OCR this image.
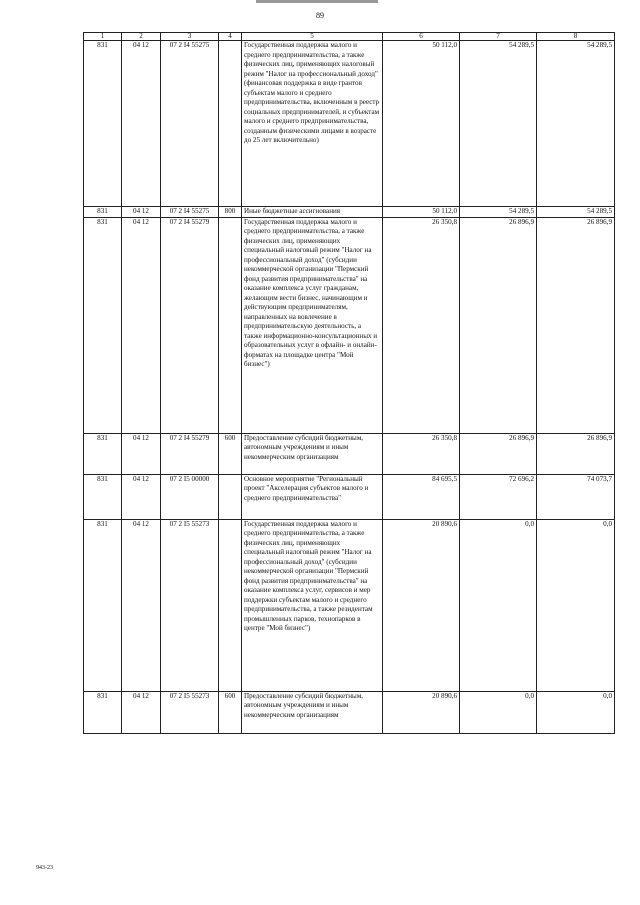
89
1	2	3	4	5	6	7	8
831	04 12	07 2 I4 55275		Государственная поддержка малого и среднего предпринимательства, а также физических лиц, применяющих налоговый режим "Налог на профессиональный доход" (финансовая поддержка в виде грантов субъектам малого и среднего предпринимательства, включенным в реестр социальных предпринимателей, и субъектам малого и среднего предпринимательства, созданным физическими лицами в возрасте до 25 лет включительно)	50 112,0	54 289,5	54 289,5
831	04 12	07 2 I4 55275	800	Иные бюджетные ассигнования	50 112,0	54 289,5	54 289,5
831	04 12	07 2 I4 55279		Государственная поддержка малого и среднего предпринимательства, а также физических лиц, применяющих специальный налоговый режим "Налог на профессиональный доход" (субсидии некоммерческой организации "Пермский фонд развития предпринимательства" на оказание комплекса услуг гражданам, желающим вести бизнес, начинающим и действующим предпринимателям, направленных на вовлечение в предпринимательскую деятельность, а также информационно-консультационных и образовательных услуг в офлайн- и онлайн-форматах на площадке центра "Мой бизнес")	26 350,8	26 896,9	26 896,9
831	04 12	07 2 I4 55279	600	Предоставление субсидий бюджетным, автономным учреждениям и иным некоммерческим организациям	26 350,8	26 896,9	26 896,9
831	04 12	07 2 I5 00000		Основное мероприятие "Региональный проект "Акселерация субъектов малого и среднего предпринимательства"	84 695,5	72 696,2	74 073,7
831	04 12	07 2 I5 55273		Государственная поддержка малого и среднего предпринимательства, а также физических лиц, применяющих специальный налоговый режим "Налог на профессиональный доход" (субсидии некоммерческой организации "Пермский фонд развития предпринимательства" на оказание комплекса услуг, сервисов и мер поддержки субъектам малого и среднего предпринимательства, а также резидентам промышленных парков, технопарков в центре "Мой бизнес")	20 890,6	0,0	0,0
831	04 12	07 2 I5 55273	600	Предоставление субсидий бюджетным, автономным учреждениям и иным некоммерческим организациям	20 890,6	0,0	0,0
943-23
